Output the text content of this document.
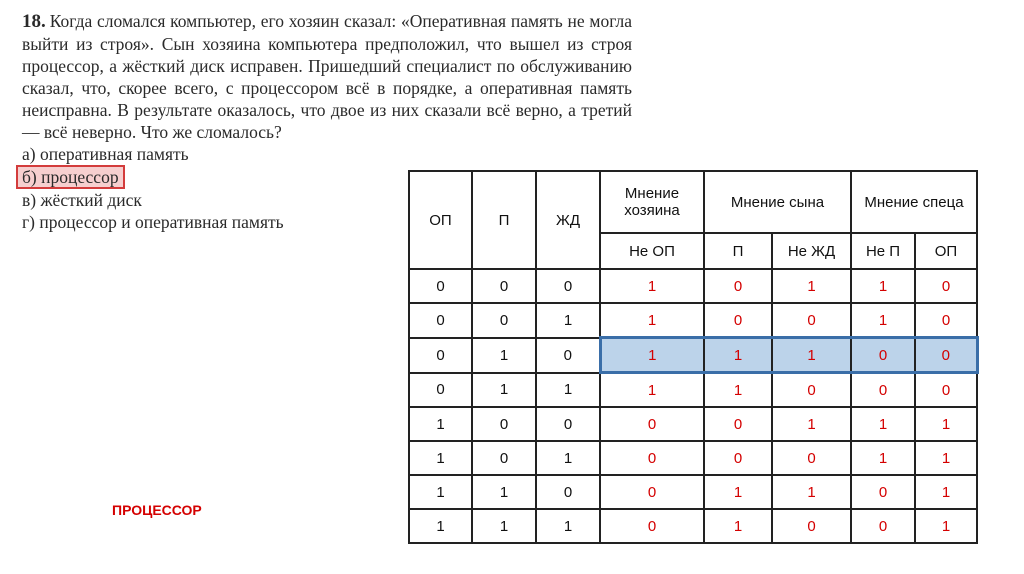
18. Когда сломался компьютер, его хозяин сказал: «Оперативная память не могла выйти из строя». Сын хозяина компьютера предположил, что вышел из строя процессор, а жёсткий диск исправен. Пришедший специалист по обслуживанию сказал, что, скорее всего, с процессором всё в порядке, а оперативная память неисправна. В результате оказалось, что двое из них сказали всё верно, а третий — всё неверно. Что же сломалось?

а) оперативная память
б) процессор
в) жёсткий диск
г) процессор и оперативная память
ПРОЦЕССОР
ОП	П	ЖД	Мнение хозяина	Мнение сына		Мнение спеца	
			Не ОП	П	Не ЖД	Не П	ОП
0	0	0	1	0	1	1	0
0	0	1	1	0	0	1	0
0	1	0	1	1	1	0	0
0	1	1	1	1	0	0	0
1	0	0	0	0	1	1	1
1	0	1	0	0	0	1	1
1	1	0	0	1	1	0	1
1	1	1	0	1	0	0	1
